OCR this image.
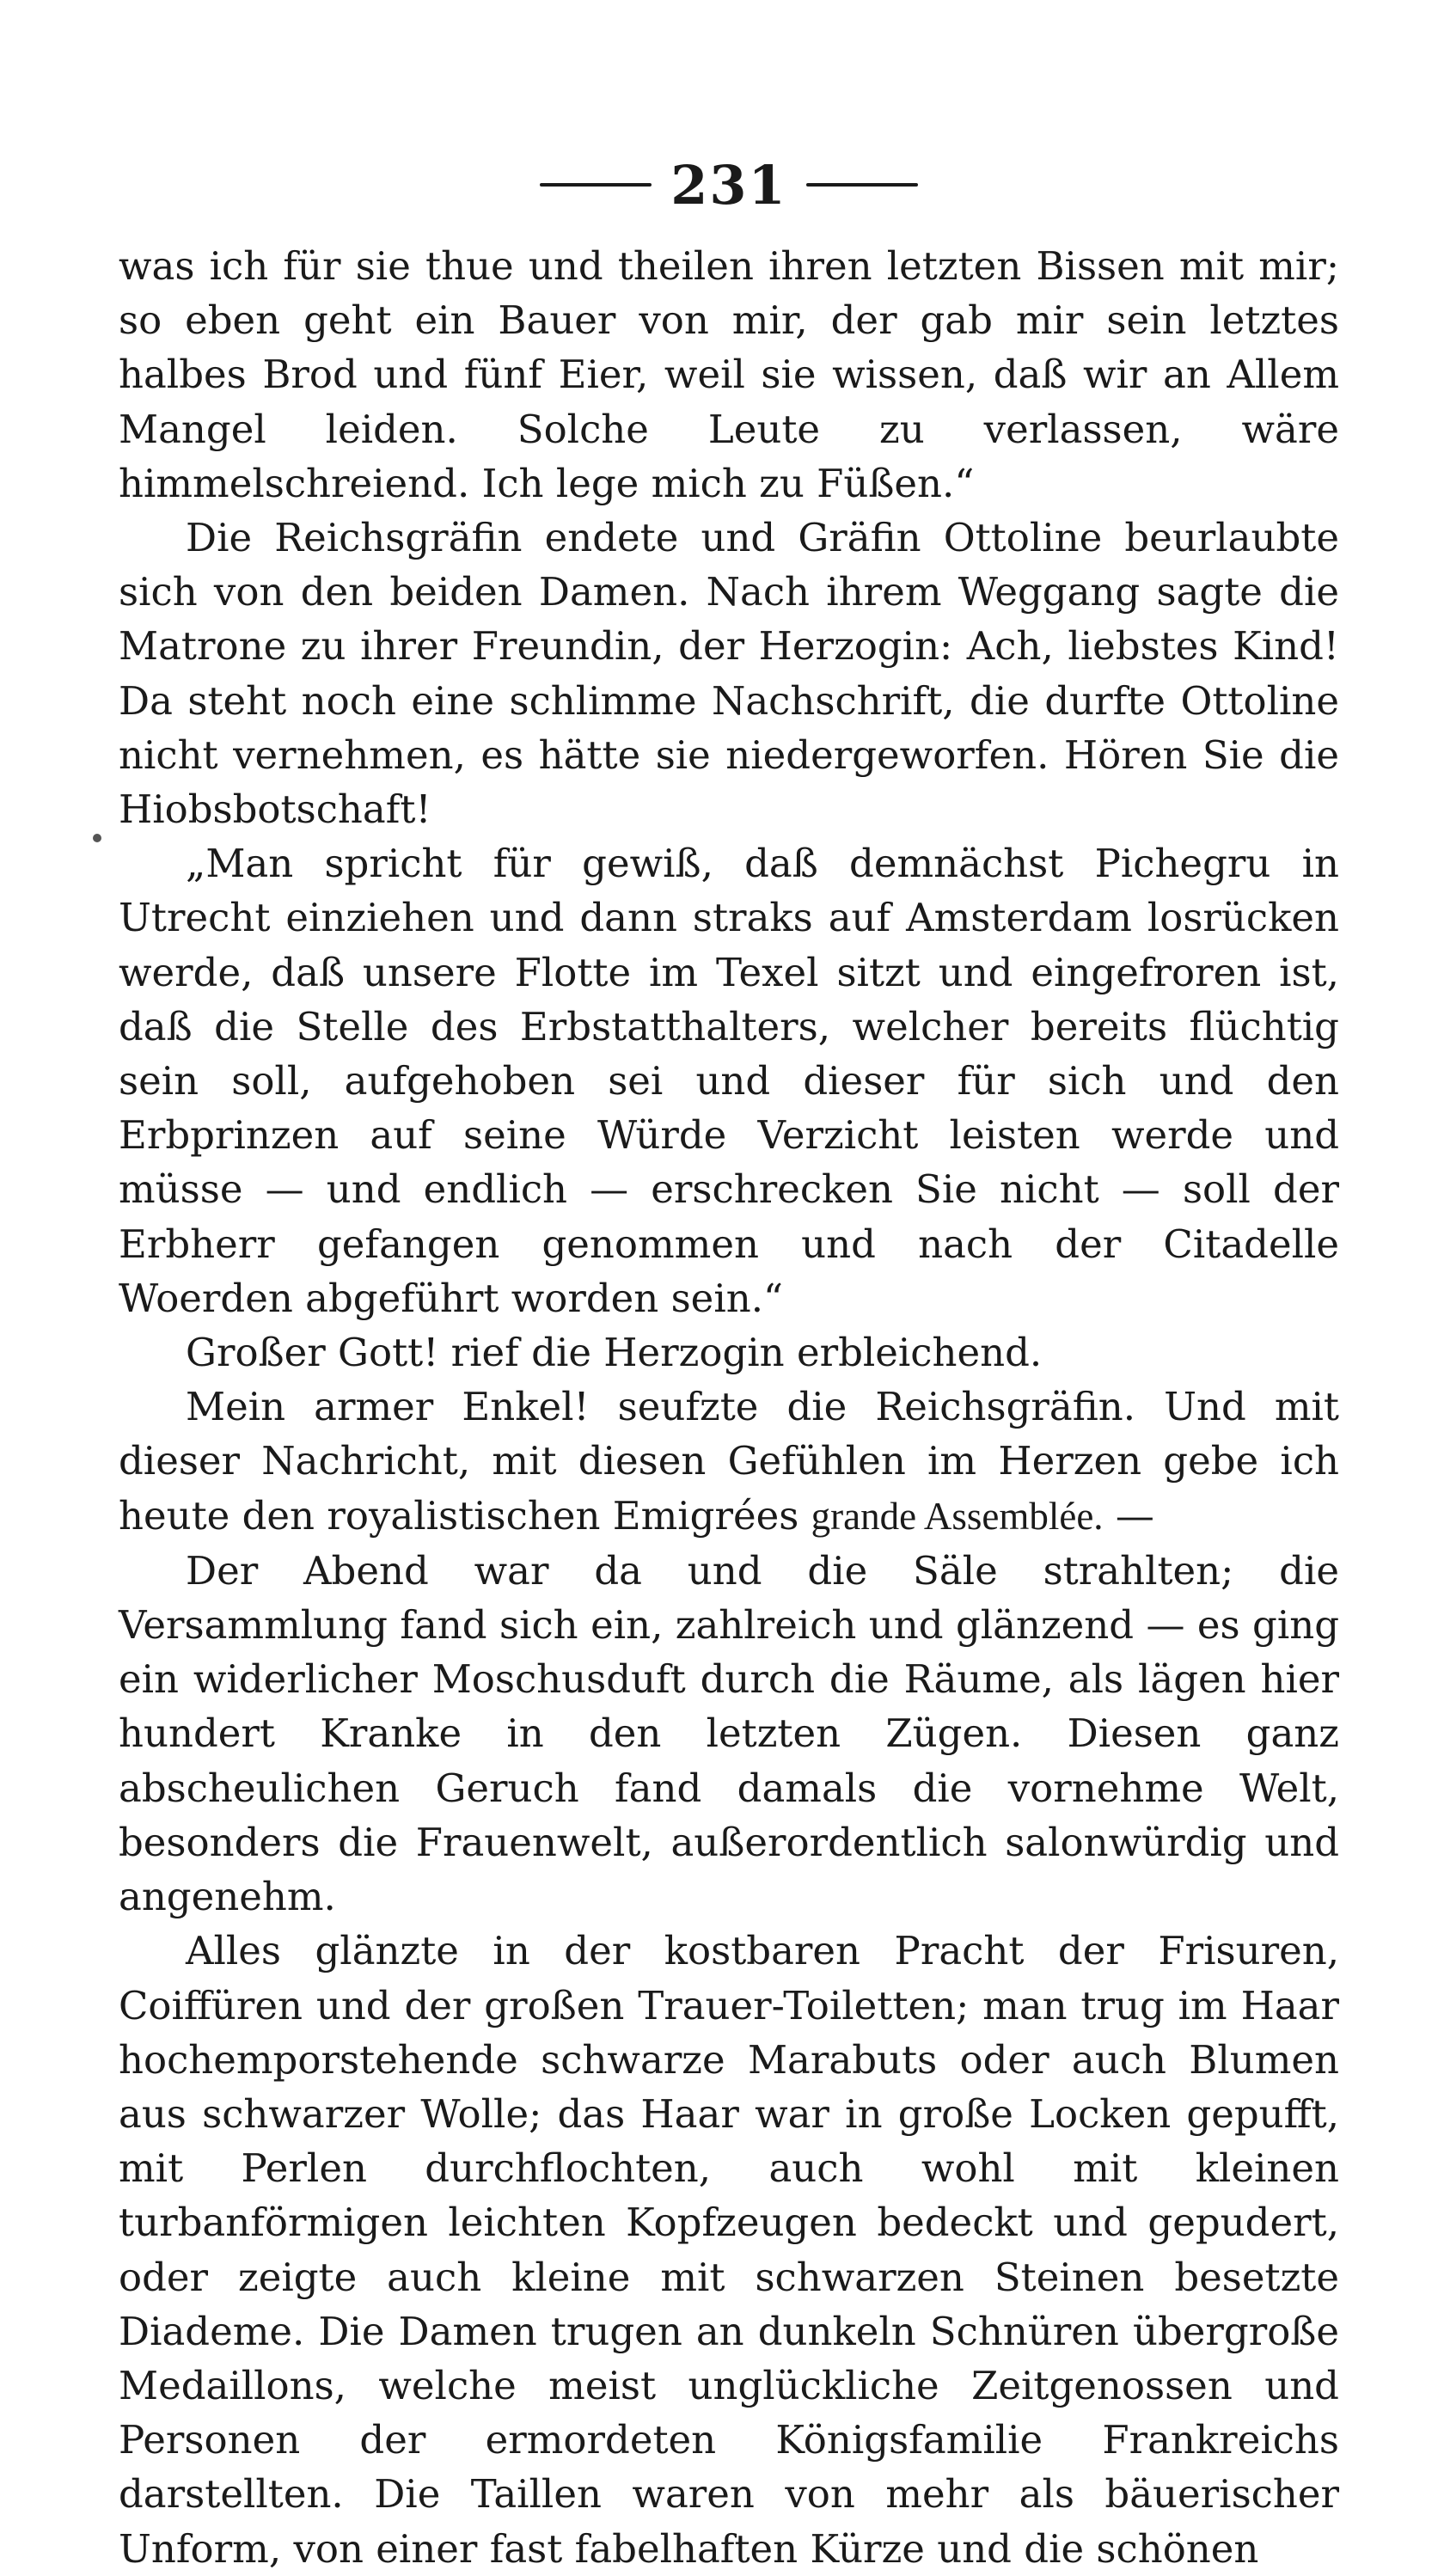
231

was ich für sie thue und theilen ihren letzten Bissen mit mir; so eben geht ein Bauer von mir, der gab mir sein letztes halbes Brod und fünf Eier, weil sie wissen, daß wir an Allem Mangel leiden. Solche Leute zu verlassen, wäre himmelschreiend. Ich lege mich zu Füßen.“

Die Reichsgräfin endete und Gräfin Ottoline beurlaubte sich von den beiden Damen. Nach ihrem Weggang sagte die Matrone zu ihrer Freundin, der Herzogin: Ach, liebstes Kind! Da steht noch eine schlimme Nachschrift, die durfte Ottoline nicht vernehmen, es hätte sie niedergeworfen. Hören Sie die Hiobsbotschaft!

„Man spricht für gewiß, daß demnächst Pichegru in Utrecht einziehen und dann straks auf Amsterdam losrücken werde, daß unsere Flotte im Texel sitzt und eingefroren ist, daß die Stelle des Erbstatthalters, welcher bereits flüchtig sein soll, aufgehoben sei und dieser für sich und den Erbprinzen auf seine Würde Verzicht leisten werde und müsse — und endlich — erschrecken Sie nicht — soll der Erbherr gefangen genommen und nach der Citadelle Woerden abgeführt worden sein.“

Großer Gott! rief die Herzogin erbleichend.

Mein armer Enkel! seufzte die Reichsgräfin. Und mit dieser Nachricht, mit diesen Gefühlen im Herzen gebe ich heute den royalistischen Emigrées grande Assemblée. —

Der Abend war da und die Säle strahlten; die Versammlung fand sich ein, zahlreich und glänzend — es ging ein widerlicher Moschusduft durch die Räume, als lägen hier hundert Kranke in den letzten Zügen. Diesen ganz abscheulichen Geruch fand damals die vornehme Welt, besonders die Frauenwelt, außerordentlich salonwürdig und angenehm.

Alles glänzte in der kostbaren Pracht der Frisuren, Coiffüren und der großen Trauer-Toiletten; man trug im Haar hochemporstehende schwarze Marabuts oder auch Blumen aus schwarzer Wolle; das Haar war in große Locken gepufft, mit Perlen durchflochten, auch wohl mit kleinen turbanförmigen leichten Kopfzeugen bedeckt und gepudert, oder zeigte auch kleine mit schwarzen Steinen besetzte Diademe. Die Damen trugen an dunkeln Schnüren übergroße Medaillons, welche meist unglückliche Zeitgenossen und Personen der ermordeten Königsfamilie Frankreichs darstellten. Die Taillen waren von mehr als bäuerischer Unform, von einer fast fabelhaften Kürze und die schönen
